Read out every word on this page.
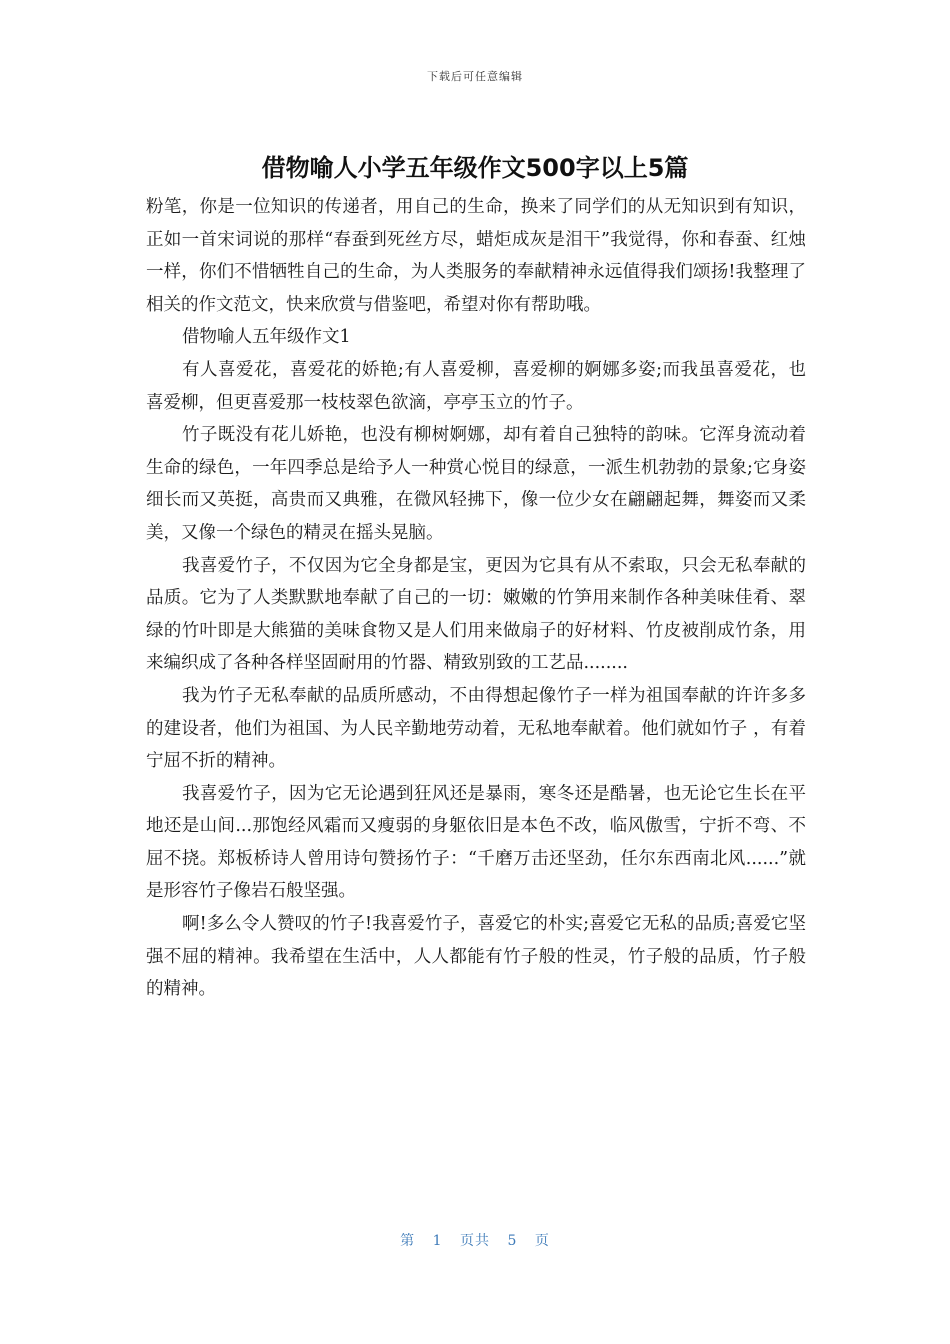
下载后可任意编辑
借物喻人小学五年级作文500字以上5篇

粉笔，你是一位知识的传递者，用自己的生命，换来了同学们的从无知识到有知识，正如一首宋词说的那样“春蚕到死丝方尽，蜡炬成灰是泪干”我觉得，你和春蚕、红烛一样，你们不惜牺牲自己的生命，为人类服务的奉献精神永远值得我们颂扬!我整理了相关的作文范文，快来欣赏与借鉴吧，希望对你有帮助哦。

借物喻人五年级作文1

有人喜爱花，喜爱花的娇艳;有人喜爱柳，喜爱柳的婀娜多姿;而我虽喜爱花，也喜爱柳，但更喜爱那一枝枝翠色欲滴，亭亭玉立的竹子。

竹子既没有花儿娇艳，也没有柳树婀娜，却有着自己独特的韵味。它浑身流动着生命的绿色，一年四季总是给予人一种赏心悦目的绿意，一派生机勃勃的景象;它身姿细长而又英挺，高贵而又典雅，在微风轻拂下，像一位少女在翩翩起舞，舞姿而又柔美，又像一个绿色的精灵在摇头晃脑。

我喜爱竹子，不仅因为它全身都是宝，更因为它具有从不索取，只会无私奉献的品质。它为了人类默默地奉献了自己的一切：嫩嫩的竹笋用来制作各种美味佳肴、翠绿的竹叶即是大熊猫的美味食物又是人们用来做扇子的好材料、竹皮被削成竹条，用来编织成了各种各样坚固耐用的竹器、精致别致的工艺品........

我为竹子无私奉献的品质所感动，不由得想起像竹子一样为祖国奉献的许许多多的建设者，他们为祖国、为人民辛勤地劳动着，无私地奉献着。他们就如竹子 ，有着宁屈不折的精神。

我喜爱竹子，因为它无论遇到狂风还是暴雨，寒冬还是酷暑，也无论它生长在平地还是山间...那饱经风霜而又瘦弱的身躯依旧是本色不改，临风傲雪，宁折不弯、不屈不挠。郑板桥诗人曾用诗句赞扬竹子：“千磨万击还坚劲，任尔东西南北风......”就是形容竹子像岩石般坚强。

啊!多么令人赞叹的竹子!我喜爱竹子，喜爱它的朴实;喜爱它无私的品质;喜爱它坚强不屈的精神。我希望在生活中，人人都能有竹子般的性灵，竹子般的品质，竹子般的精神。

第 1 页共 5 页
